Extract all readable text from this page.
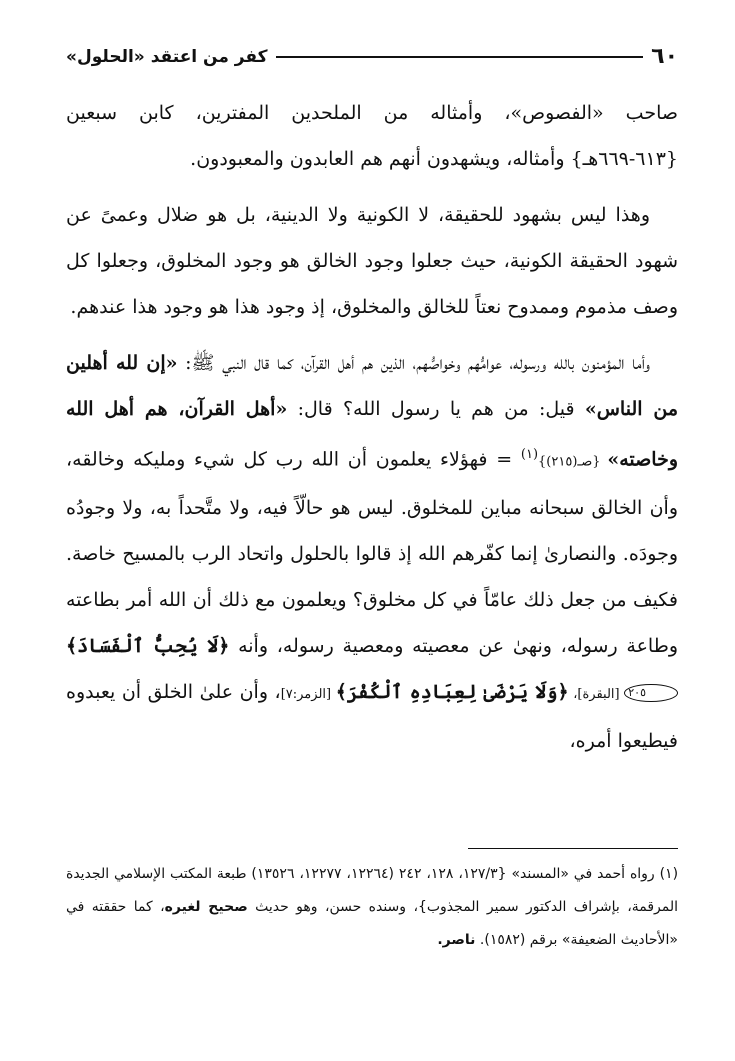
٦٠
كفر من اعتقد «الحلول»

صاحب «الفصوص»، وأمثاله من الملحدين المفترين، كابن سبعين {٦١٣-٦٦٩هـ} وأمثاله، ويشهدون أنهم هم العابدون والمعبودون.

وهذا ليس بشهود للحقيقة، لا الكونية ولا الدينية، بل هو ضلال وعمىً عن شهود الحقيقة الكونية، حيث جعلوا وجود الخالق هو وجود المخلوق، وجعلوا كل وصف مذموم وممدوح نعتاً للخالق والمخلوق، إذ وجود هذا هو وجود هذا عندهم.

وأما المؤمنون بالله ورسوله، عوامُّهم وخواصُّهم، الذين هم أهل القرآن، كما قال النبي ﷺ: «إن لله أهلين من الناس» قيل: من هم يا رسول الله؟ قال: «أهل القرآن، هم أهل الله وخاصته» {صـ(٢١٥)}$^{(١)}$ = فهؤلاء يعلمون أن الله رب كل شيء ومليكه وخالقه، وأن الخالق سبحانه مباين للمخلوق. ليس هو حالّاً فيه، ولا متَّحداً به، ولا وجودُه وجودَه. والنصارىٰ إنما كفّرهم الله إذ قالوا بالحلول واتحاد الرب بالمسيح خاصة. فكيف من جعل ذلك عامّاً في كل مخلوق؟ ويعلمون مع ذلك أن الله أمر بطاعته وطاعة رسوله، ونهىٰ عن معصيته ومعصية رسوله، وأنه ﴿لَا يُحِبُّ ٱلْفَسَادَ﴾٢٠٥ [البقرة]، ﴿وَلَا يَرْضَىٰ لِعِبَادِهِ ٱلْكُفْرَ﴾ [الزمر:٧]، وأن علىٰ الخلق أن يعبدوه فيطيعوا أمره،

(١) رواه أحمد في «المسند» {١٢٧/٣، ١٢٨، ٢٤٢ (١٢٢٦٤، ١٢٢٧٧، ١٣٥٢٦) طبعة المكتب الإسلامي الجديدة المرقمة، بإشراف الدكتور سمير المجذوب}، وسنده حسن، وهو حديث صحيح لغيره، كما حققته في «الأحاديث الضعيفة» برقم (١٥٨٢). ناصر.
